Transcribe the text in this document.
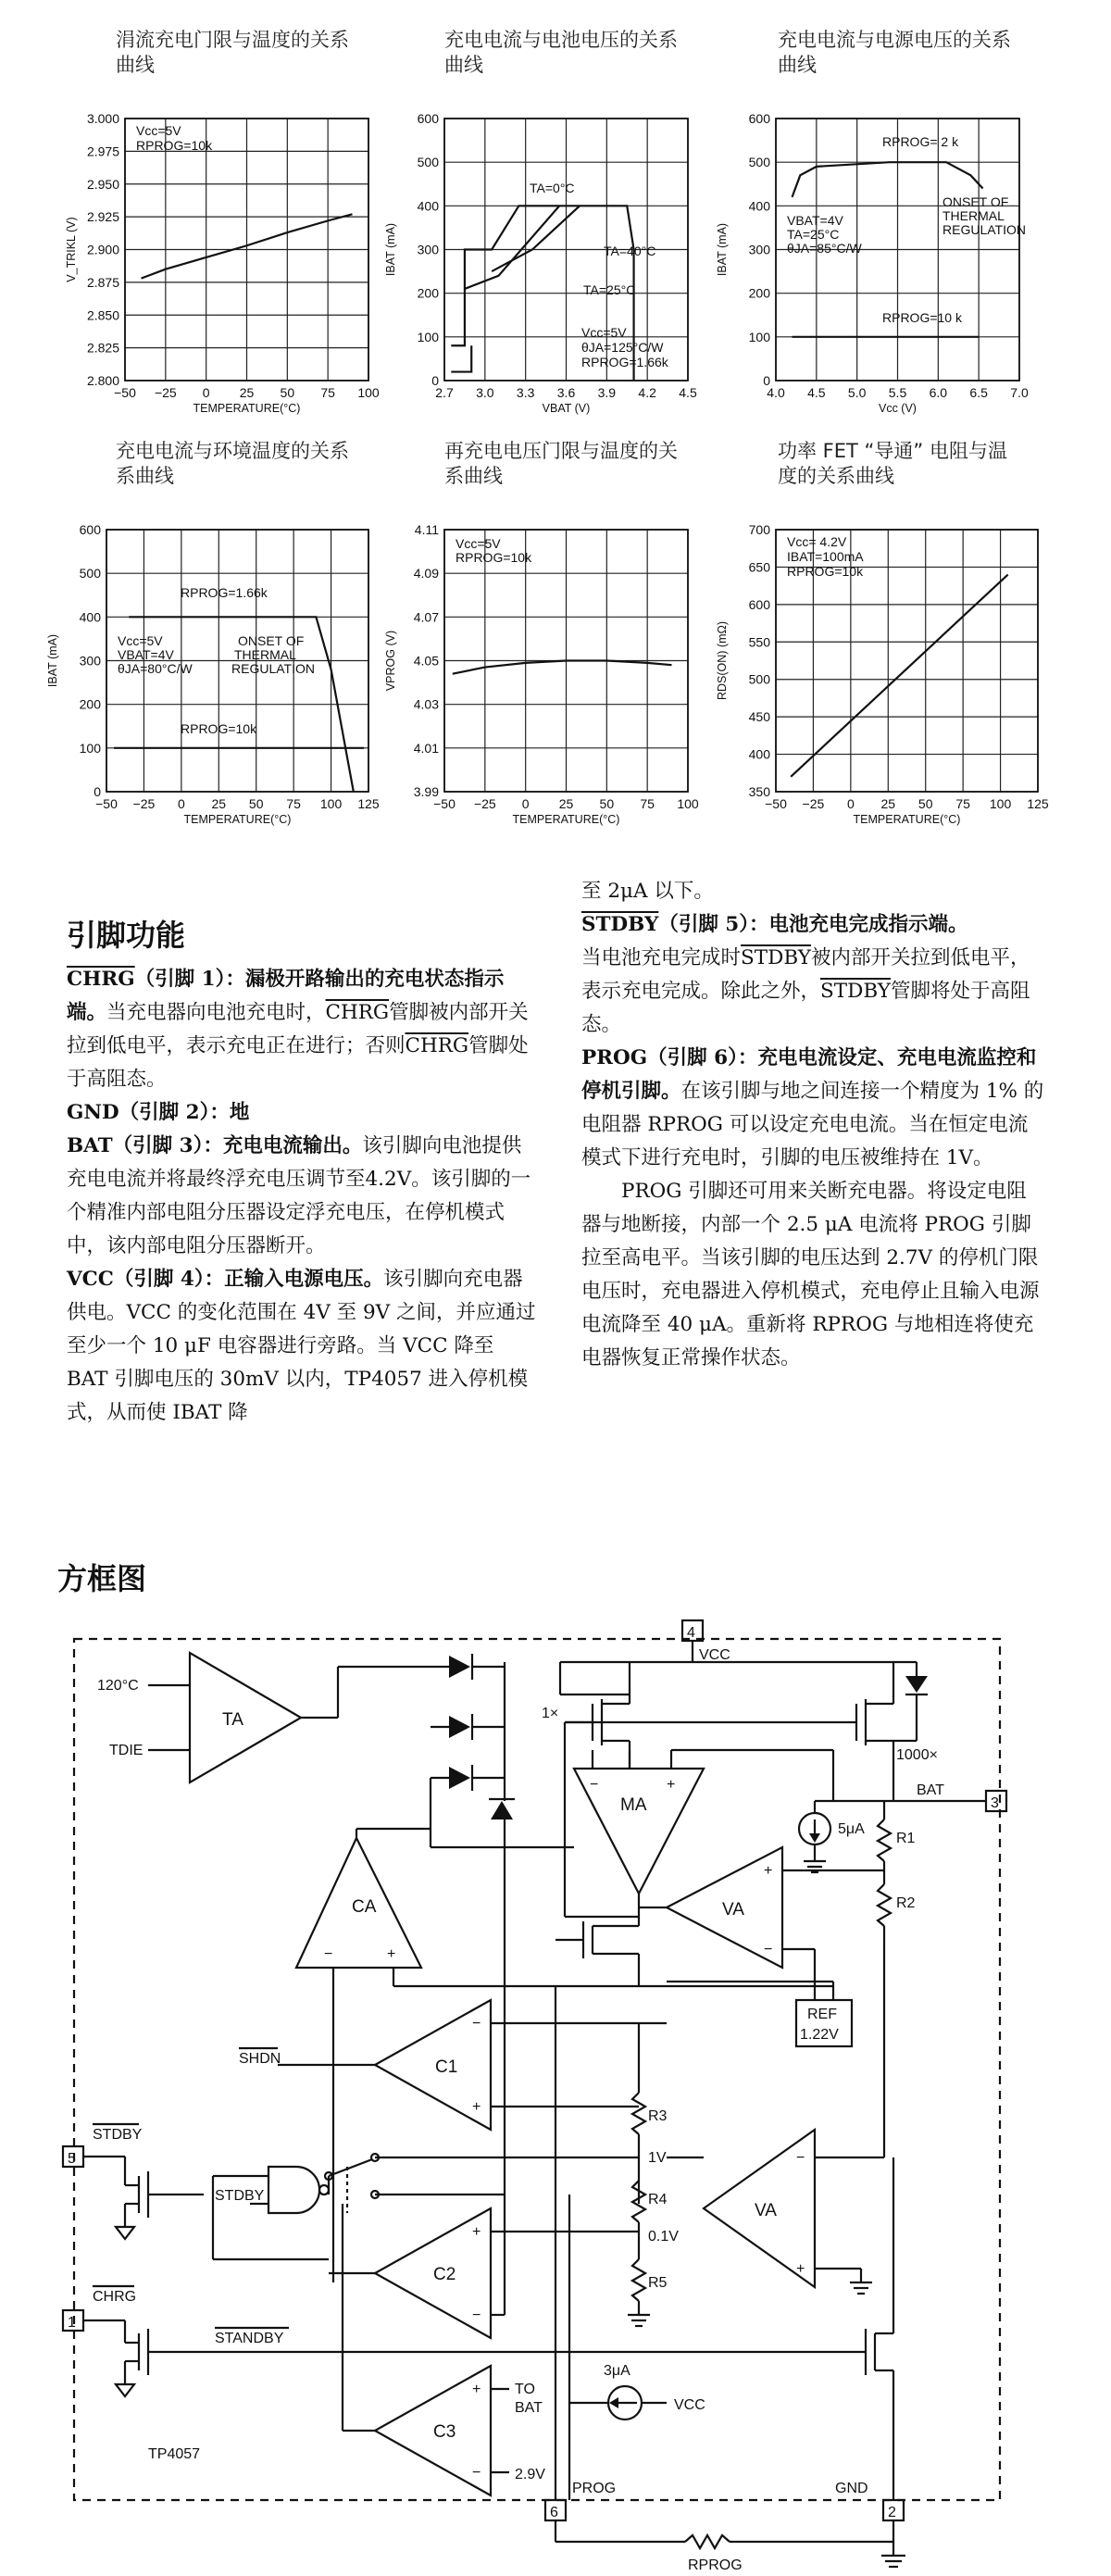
涓流充电门限与温度的关系
曲线
充电电流与电池电压的关系
曲线
充电电流与电源电压的关系
曲线
充电电流与环境温度的关系
系曲线
再充电电压门限与温度的关
系曲线
功率 FET “导通” 电阻与温
度的关系曲线
−50 −25 0 25 50 75 100
3.000
2.975
2.950
2.925
2.900
2.875
2.850
2.825
2.800
TEMPERATURE(°C)
V_TRIKL (V)
Vcc=5V
RPROG=10k
2.7 3.0 3.3 3.6 3.9 4.2 4.5
600
500
400
300
200
100
0
VBAT (V)
IBAT (mA)
TA=0°C
TA=40°C
TA=25°C
Vcc=5V
θJA=125°C/W
RPROG=1.66k
4.0 4.5 5.0 5.5 6.0 6.5 7.0
600
500
400
300
200
100
0
Vcc (V)
IBAT (mA)
RPROG= 2 k
ONSET OF
THERMAL
REGULATION
VBAT=4V
TA=25°C
θJA=85°C/W
RPROG=10 k
−50 −25 0 25 50 75 100 125
600
500
400
300
200
100
0
TEMPERATURE(°C)
IBAT (mA)
RPROG=1.66k
Vcc=5V
VBAT=4V
θJA=80°C/W
ONSET OF
THERMAL
REGULATION
RPROG=10k
−50 −25 0 25 50 75 100
4.11
4.09
4.07
4.05
4.03
4.01
3.99
TEMPERATURE(°C)
VPROG (V)
Vcc=5V
RPROG=10k
−50 −25 0 25 50 75 100 125
700
650
600
550
500
450
400
350
TEMPERATURE(°C)
RDS(ON) (mΩ)
Vcc= 4.2V
IBAT=100mA
RPROG=10k
引脚功能

CHRG（引脚 1）：漏极开路输出的充电状态指示端。当充电器向电池充电时，CHRG管脚被内部开关拉到低电平，表示充电正在进行；否则CHRG管脚处于高阻态。

GND（引脚 2）：地

BAT（引脚 3）：充电电流输出。该引脚向电池提供充电电流并将最终浮充电压调节至4.2V。该引脚的一个精准内部电阻分压器设定浮充电压，在停机模式中，该内部电阻分压器断开。

VCC（引脚 4）：正输入电源电压。该引脚向充电器供电。VCC 的变化范围在 4V 至 9V 之间，并应通过至少一个 10 μF 电容器进行旁路。当 VCC 降至 BAT 引脚电压的 30mV 以内，TP4057 进入停机模式，从而使 IBAT 降

至 2μA 以下。

STDBY（引脚 5）：电池充电完成指示端。

当电池充电完成时STDBY被内部开关拉到低电平，表示充电完成。除此之外，STDBY管脚将处于高阻态。

PROG（引脚 6）：充电电流设定、充电电流监控和停机引脚。在该引脚与地之间连接一个精度为 1% 的电阻器 RPROG 可以设定充电电流。当在恒定电流模式下进行充电时，引脚的电压被维持在 1V。

PROG 引脚还可用来关断充电器。将设定电阻器与地断接，内部一个 2.5 μA 电流将 PROG 引脚拉至高电平。当该引脚的电压达到 2.7V 的停机门限电压时，充电器进入停机模式，充电停止且输入电源电流降至 40 μA。重新将 RPROG 与地相连将使充电器恢复正常操作状态。

方框图
TA
120°C
TDIE
4
VCC
1×
1000×
MA
−	+
5μA
BAT
3
R1
R2
VA
+
−
CA
−	+
REF
1.22V
C1
−
+
SHDN
R3
1V
R4
0.1V
R5
VA
−
+
STDBY
5
STDBY
CHRG
1
STANDBY
C2
+
−
3μA
VCC
C3
+
−
TO
BAT
2.9V
TP4057
6
PROG
2
GND
RPROG
